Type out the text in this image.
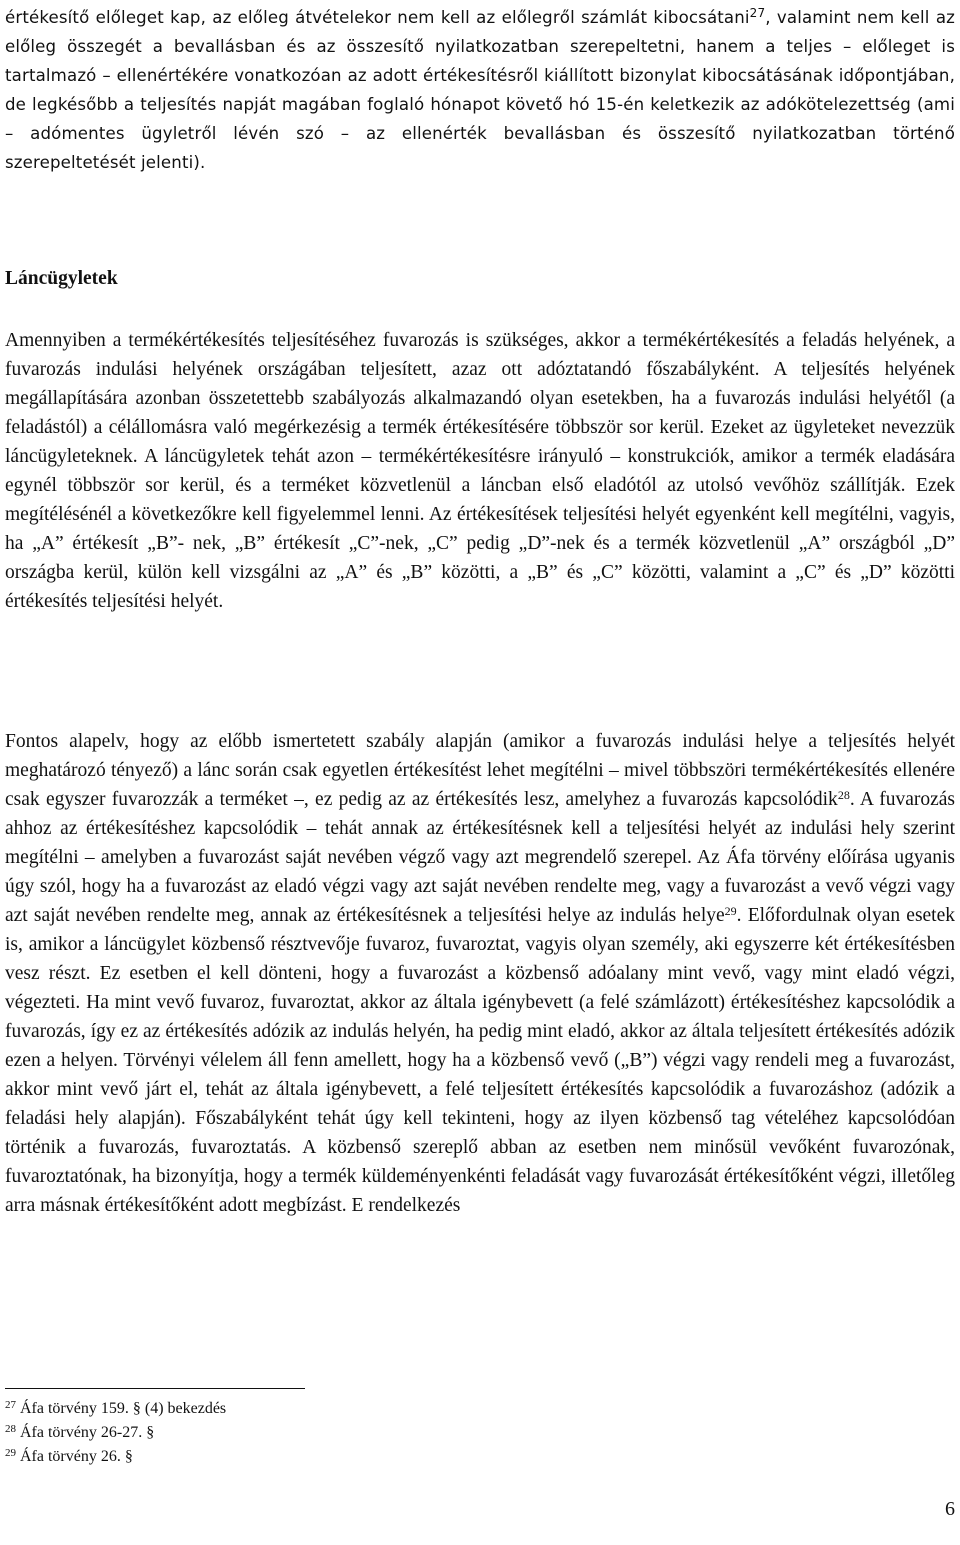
értékesítő előleget kap, az előleg átvételekor nem kell az előlegről számlát kibocsátani$^{27}$, valamint nem kell az előleg összegét a bevallásban és az összesítő nyilatkozatban szerepeltetni, hanem a teljes – előleget is tartalmazó – ellenértékére vonatkozóan az adott értékesítésről kiállított bizonylat kibocsátásának időpontjában, de legkésőbb a teljesítés napját magában foglaló hónapot követő hó 15-én keletkezik az adókötelezettség (ami – adómentes ügyletről lévén szó – az ellenérték bevallásban és összesítő nyilatkozatban történő szerepeltetését jelenti).

Láncügyletek

Amennyiben a termékértékesítés teljesítéséhez fuvarozás is szükséges, akkor a termékértékesítés a feladás helyének, a fuvarozás indulási helyének országában teljesített, azaz ott adóztatandó főszabályként. A teljesítés helyének megállapítására azonban összetettebb szabályozás alkalmazandó olyan esetekben, ha a fuvarozás indulási helyétől (a feladástól) a célállomásra való megérkezésig a termék értékesítésére többször sor kerül. Ezeket az ügyleteket nevezzük láncügyleteknek. A láncügyletek tehát azon – termékértékesítésre irányuló – konstrukciók, amikor a termék eladására egynél többször sor kerül, és a terméket közvetlenül a láncban első eladótól az utolsó vevőhöz szállítják. Ezek megítélésénél a következőkre kell figyelemmel lenni. Az értékesítések teljesítési helyét egyenként kell megítélni, vagyis, ha „A” értékesít „B”- nek, „B” értékesít „C”-nek, „C” pedig „D”-nek és a termék közvetlenül „A” országból „D” országba kerül, külön kell vizsgálni az „A” és „B” közötti, a „B” és „C” közötti, valamint a „C” és „D” közötti értékesítés teljesítési helyét.

Fontos alapelv, hogy az előbb ismertetett szabály alapján (amikor a fuvarozás indulási helye a teljesítés helyét meghatározó tényező) a lánc során csak egyetlen értékesítést lehet megítélni – mivel többszöri termékértékesítés ellenére csak egyszer fuvarozzák a terméket –, ez pedig az az értékesítés lesz, amelyhez a fuvarozás kapcsolódik$^{28}$. A fuvarozás ahhoz az értékesítéshez kapcsolódik – tehát annak az értékesítésnek kell a teljesítési helyét az indulási hely szerint megítélni – amelyben a fuvarozást saját nevében végző vagy azt megrendelő szerepel. Az Áfa törvény előírása ugyanis úgy szól, hogy ha a fuvarozást az eladó végzi vagy azt saját nevében rendelte meg, vagy a fuvarozást a vevő végzi vagy azt saját nevében rendelte meg, annak az értékesítésnek a teljesítési helye az indulás helye$^{29}$. Előfordulnak olyan esetek is, amikor a láncügylet közbenső résztvevője fuvaroz, fuvaroztat, vagyis olyan személy, aki egyszerre két értékesítésben vesz részt. Ez esetben el kell dönteni, hogy a fuvarozást a közbenső adóalany mint vevő, vagy mint eladó végzi, végezteti. Ha mint vevő fuvaroz, fuvaroztat, akkor az általa igénybevett (a felé számlázott) értékesítéshez kapcsolódik a fuvarozás, így ez az értékesítés adózik az indulás helyén, ha pedig mint eladó, akkor az általa teljesített értékesítés adózik ezen a helyen. Törvényi vélelem áll fenn amellett, hogy ha a közbenső vevő („B”) végzi vagy rendeli meg a fuvarozást, akkor mint vevő járt el, tehát az általa igénybevett, a felé teljesített értékesítés kapcsolódik a fuvarozáshoz (adózik a feladási hely alapján). Főszabályként tehát úgy kell tekinteni, hogy az ilyen közbenső tag vételéhez kapcsolódóan történik a fuvarozás, fuvaroztatás. A közbenső szereplő abban az esetben nem minősül vevőként fuvarozónak, fuvaroztatónak, ha bizonyítja, hogy a termék küldeményenkénti feladását vagy fuvarozását értékesítőként végzi, illetőleg arra másnak értékesítőként adott megbízást. E rendelkezés

$^{27}$ Áfa törvény 159. § (4) bekezdés
$^{28}$ Áfa törvény 26-27. §
$^{29}$ Áfa törvény 26. §
6
